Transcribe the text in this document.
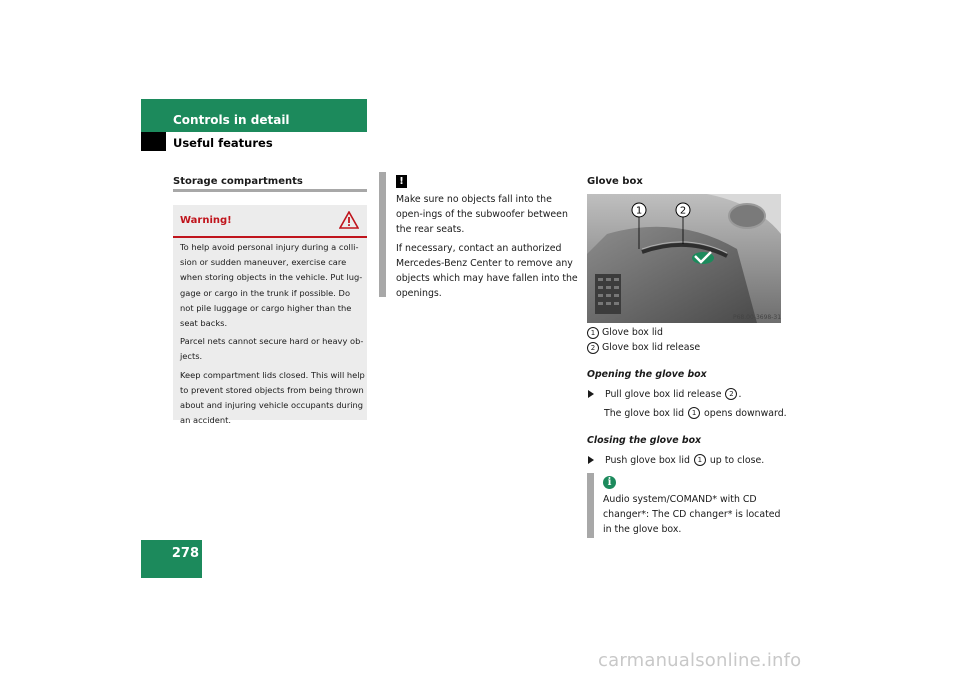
Controls in detail
Useful features
Storage compartments
Warning!

To help avoid personal injury during a colli-sion or sudden maneuver, exercise care when storing objects in the vehicle. Put lug-gage or cargo in the trunk if possible. Do not pile luggage or cargo higher than the seat backs.

Parcel nets cannot secure hard or heavy ob-jects.

Keep compartment lids closed. This will help to prevent stored objects from being thrown about and injuring vehicle occupants during an accident.

!

Make sure no objects fall into the open-ings of the subwoofer between the rear seats.

If necessary, contact an authorized Mercedes-Benz Center to remove any objects which may have fallen into the openings.

Glove box
1	2
P68.00-3698-31
1 Glove box lid
2 Glove box lid release
Opening the glove box
Pull glove box lid release 2 .
The glove box lid 1 opens downward.
Closing the glove box
Push glove box lid 1 up to close.
i
Audio system/COMAND* with CD changer*: The CD changer* is located in the glove box.
278
carmanualsonline.info
